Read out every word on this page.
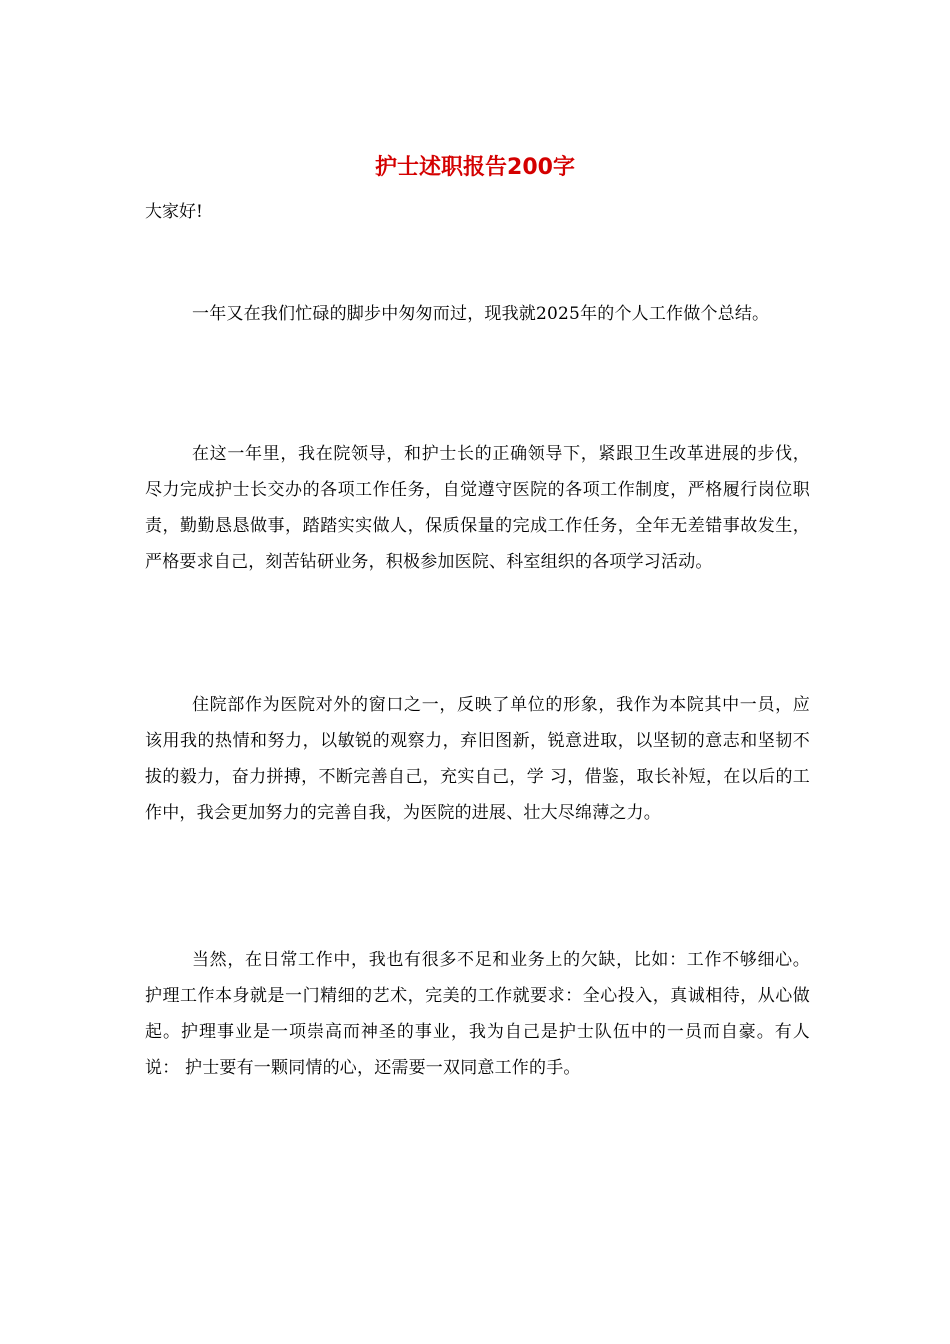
护士述职报告200字

大家好!

一年又在我们忙碌的脚步中匆匆而过，现我就2025年的个人工作做个总结。

在这一年里，我在院领导，和护士长的正确领导下，紧跟卫生改革进展的步伐，尽力完成护士长交办的各项工作任务，自觉遵守医院的各项工作制度，严格履行岗位职责，勤勤恳恳做事，踏踏实实做人，保质保量的完成工作任务，全年无差错事故发生，严格要求自己，刻苦钻研业务，积极参加医院、科室组织的各项学习活动。

住院部作为医院对外的窗口之一，反映了单位的形象，我作为本院其中一员，应该用我的热情和努力，以敏锐的观察力，弃旧图新，锐意进取，以坚韧的意志和坚韧不拔的毅力，奋力拼搏，不断完善自己，充实自己，学 习，借鉴，取长补短，在以后的工作中，我会更加努力的完善自我，为医院的进展、壮大尽绵薄之力。

当然，在日常工作中，我也有很多不足和业务上的欠缺，比如：工作不够细心。护理工作本身就是一门精细的艺术，完美的工作就要求：全心投入，真诚相待，从心做起。护理事业是一项崇高而神圣的事业，我为自己是护士队伍中的一员而自豪。有人说： 护士要有一颗同情的心，还需要一双同意工作的手。
